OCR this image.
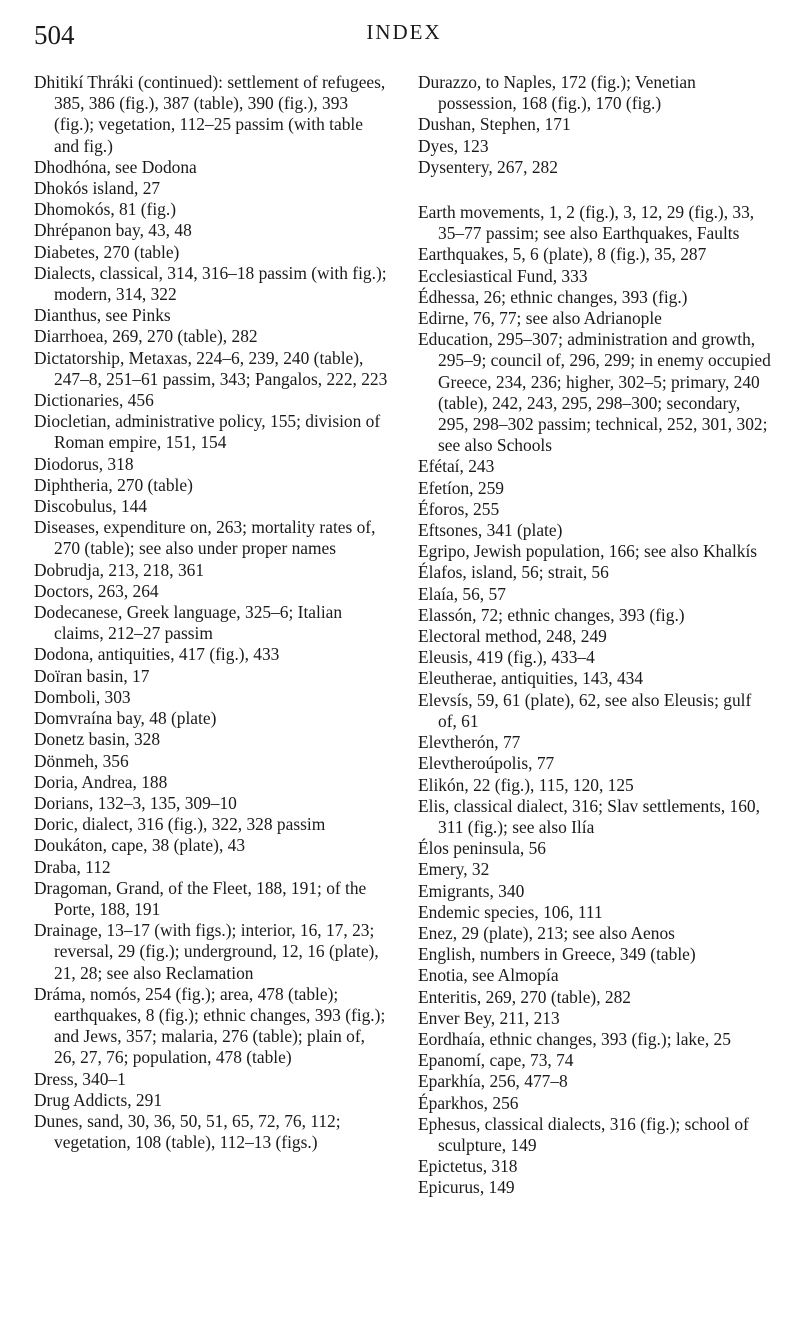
504	INDEX

Dhitikí Thráki (continued): settlement of refugees, 385, 386 (fig.), 387 (table), 390 (fig.), 393 (fig.); vegetation, 112–25 passim (with table and fig.)

Dhodhóna, see Dodona

Dhokós island, 27

Dhomokós, 81 (fig.)

Dhrépanon bay, 43, 48

Diabetes, 270 (table)

Dialects, classical, 314, 316–18 passim (with fig.); modern, 314, 322

Dianthus, see Pinks

Diarrhoea, 269, 270 (table), 282

Dictatorship, Metaxas, 224–6, 239, 240 (table), 247–8, 251–61 passim, 343; Pangalos, 222, 223

Dictionaries, 456

Diocletian, administrative policy, 155; division of Roman empire, 151, 154

Diodorus, 318

Diphtheria, 270 (table)

Discobulus, 144

Diseases, expenditure on, 263; mortality rates of, 270 (table); see also under proper names

Dobrudja, 213, 218, 361

Doctors, 263, 264

Dodecanese, Greek language, 325–6; Italian claims, 212–27 passim

Dodona, antiquities, 417 (fig.), 433

Doïran basin, 17

Domboli, 303

Domvraína bay, 48 (plate)

Donetz basin, 328

Dönmeh, 356

Doria, Andrea, 188

Dorians, 132–3, 135, 309–10

Doric, dialect, 316 (fig.), 322, 328 passim

Doukáton, cape, 38 (plate), 43

Draba, 112

Dragoman, Grand, of the Fleet, 188, 191; of the Porte, 188, 191

Drainage, 13–17 (with figs.); interior, 16, 17, 23; reversal, 29 (fig.); underground, 12, 16 (plate), 21, 28; see also Reclamation

Dráma, nomós, 254 (fig.); area, 478 (table); earthquakes, 8 (fig.); ethnic changes, 393 (fig.); and Jews, 357; malaria, 276 (table); plain of, 26, 27, 76; population, 478 (table)

Dress, 340–1

Drug Addicts, 291

Dunes, sand, 30, 36, 50, 51, 65, 72, 76, 112; vegetation, 108 (table), 112–13 (figs.)

Durazzo, to Naples, 172 (fig.); Venetian possession, 168 (fig.), 170 (fig.)

Dushan, Stephen, 171

Dyes, 123

Dysentery, 267, 282

Earth movements, 1, 2 (fig.), 3, 12, 29 (fig.), 33, 35–77 passim; see also Earthquakes, Faults

Earthquakes, 5, 6 (plate), 8 (fig.), 35, 287

Ecclesiastical Fund, 333

Édhessa, 26; ethnic changes, 393 (fig.)

Edirne, 76, 77; see also Adrianople

Education, 295–307; administration and growth, 295–9; council of, 296, 299; in enemy occupied Greece, 234, 236; higher, 302–5; primary, 240 (table), 242, 243, 295, 298–300; secondary, 295, 298–302 passim; technical, 252, 301, 302; see also Schools

Efétaí, 243

Efetíon, 259

Éforos, 255

Eftsones, 341 (plate)

Egripo, Jewish population, 166; see also Khalkís

Élafos, island, 56; strait, 56

Elaía, 56, 57

Elassón, 72; ethnic changes, 393 (fig.)

Electoral method, 248, 249

Eleusis, 419 (fig.), 433–4

Eleutherae, antiquities, 143, 434

Elevsís, 59, 61 (plate), 62, see also Eleusis; gulf of, 61

Elevtherón, 77

Elevtheroúpolis, 77

Elikón, 22 (fig.), 115, 120, 125

Elis, classical dialect, 316; Slav settlements, 160, 311 (fig.); see also Ilía

Élos peninsula, 56

Emery, 32

Emigrants, 340

Endemic species, 106, 111

Enez, 29 (plate), 213; see also Aenos

English, numbers in Greece, 349 (table)

Enotia, see Almopía

Enteritis, 269, 270 (table), 282

Enver Bey, 211, 213

Eordhaía, ethnic changes, 393 (fig.); lake, 25

Epanomí, cape, 73, 74

Eparkhía, 256, 477–8

Éparkhos, 256

Ephesus, classical dialects, 316 (fig.); school of sculpture, 149

Epictetus, 318

Epicurus, 149
